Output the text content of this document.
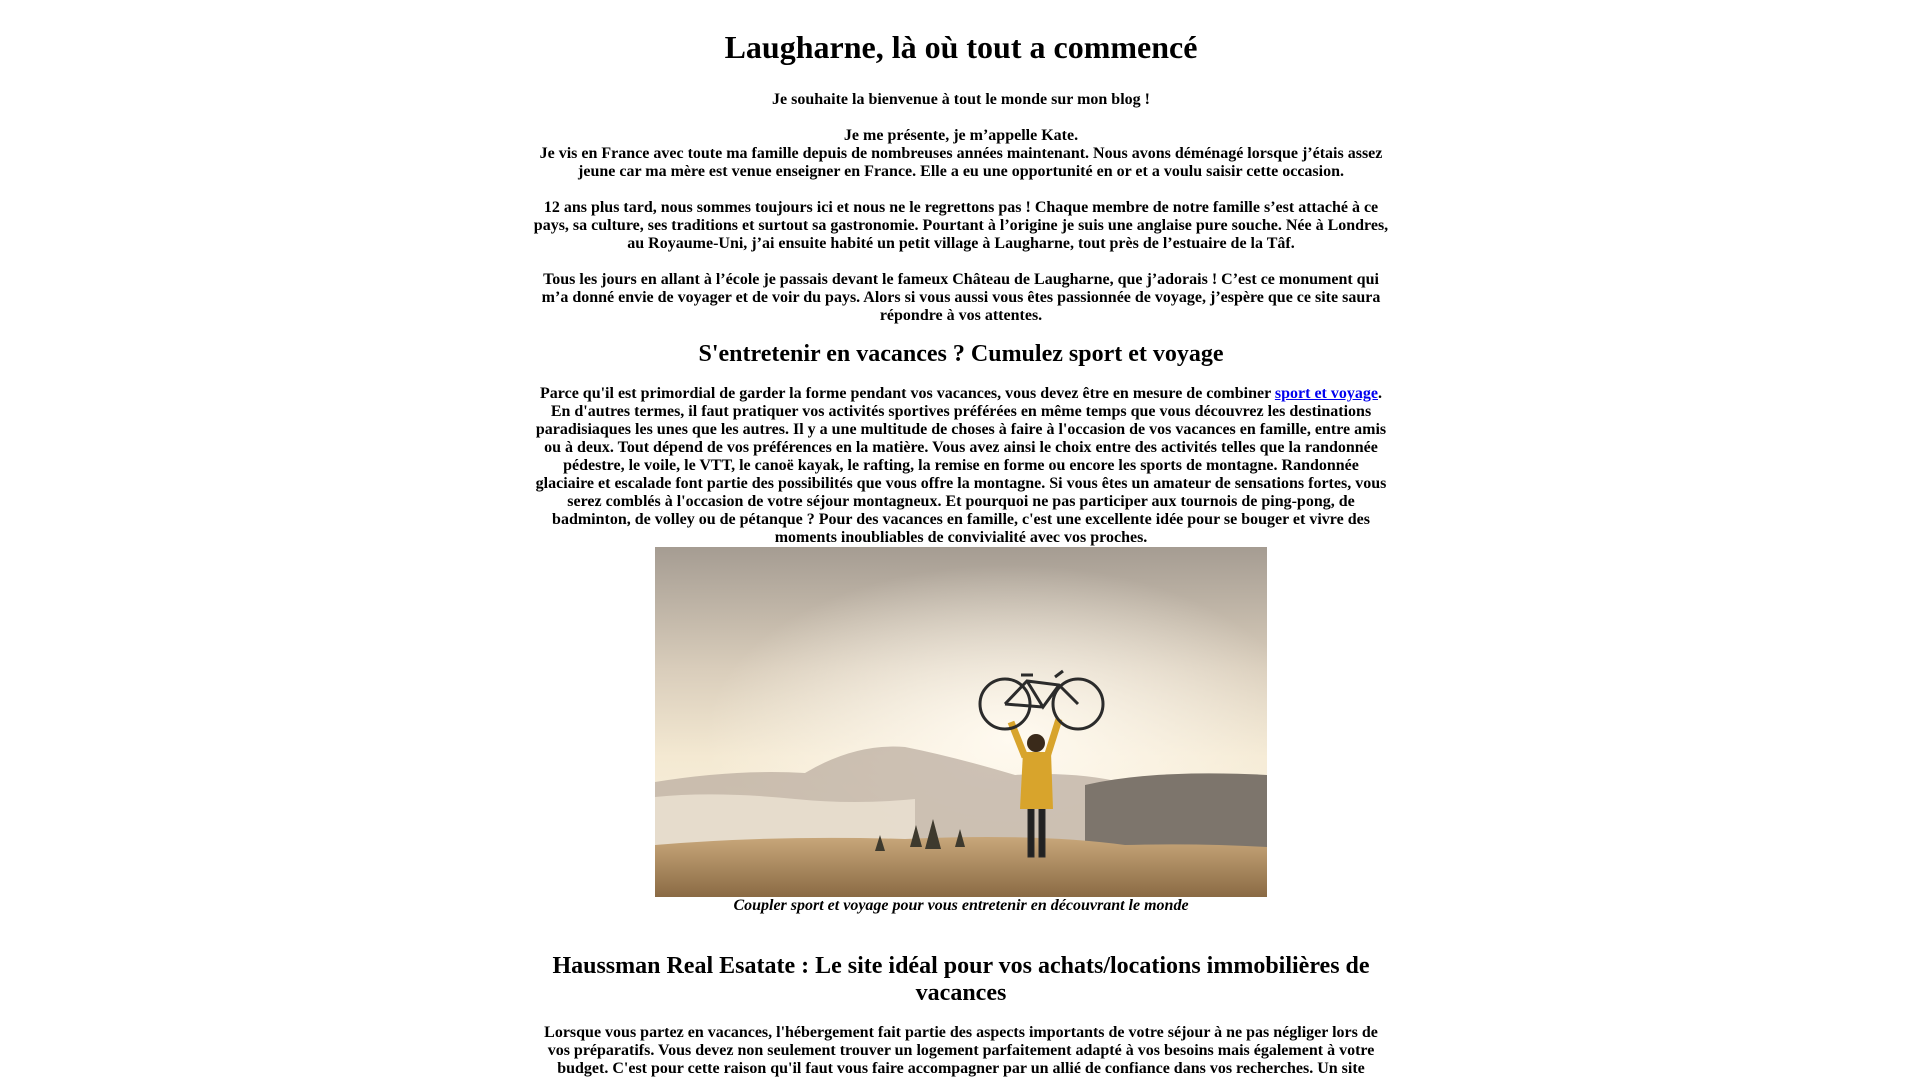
Laugharne, là où tout a commencé

Je souhaite la bienvenue à tout le monde sur mon blog !

Je me présente, je m’appelle Kate.

Je vis en France avec toute ma famille depuis de nombreuses années maintenant. Nous avons déménagé lorsque j’étais assez jeune car ma mère est venue enseigner en France. Elle a eu une opportunité en or et a voulu saisir cette occasion.

12 ans plus tard, nous sommes toujours ici et nous ne le regrettons pas ! Chaque membre de notre famille s’est attaché à ce pays, sa culture, ses traditions et surtout sa gastronomie. Pourtant à l’origine je suis une anglaise pure souche. Née à Londres, au Royaume-Uni, j’ai ensuite habité un petit village à Laugharne, tout près de l’estuaire de la Tâf.

Tous les jours en allant à l’école je passais devant le fameux Château de Laugharne, que j’adorais ! C’est ce monument qui m’a donné envie de voyager et de voir du pays. Alors si vous aussi vous êtes passionnée de voyage, j’espère que ce site saura répondre à vos attentes.

S'entretenir en vacances ? Cumulez sport et voyage

Parce qu'il est primordial de garder la forme pendant vos vacances, vous devez être en mesure de combiner sport et voyage. En d'autres termes, il faut pratiquer vos activités sportives préférées en même temps que vous découvrez les destinations paradisiaques les unes que les autres. Il y a une multitude de choses à faire à l'occasion de vos vacances en famille, entre amis ou à deux. Tout dépend de vos préférences en la matière. Vous avez ainsi le choix entre des activités telles que la randonnée pédestre, le voile, le VTT, le canoë kayak, le rafting, la remise en forme ou encore les sports de montagne. Randonnée glaciaire et escalade font partie des possibilités que vous offre la montagne. Si vous êtes un amateur de sensations fortes, vous serez comblés à l'occasion de votre séjour montagneux. Et pourquoi ne pas participer aux tournois de ping-pong, de badminton, de volley ou de pétanque ? Pour des vacances en famille, c'est une excellente idée pour se bouger et vivre des moments inoubliables de convivialité avec vos proches.

Coupler sport et voyage pour vous entretenir en découvrant le monde
Haussman Real Esatate : Le site idéal pour vos achats/locations immobilières de vacances

Lorsque vous partez en vacances, l'hébergement fait partie des aspects importants de votre séjour à ne pas négliger lors de vos préparatifs. Vous devez non seulement trouver un logement parfaitement adapté à vos besoins mais également à votre budget. C'est pour cette raison qu'il faut vous faire accompagner par un allié de confiance dans vos recherches. Un site
